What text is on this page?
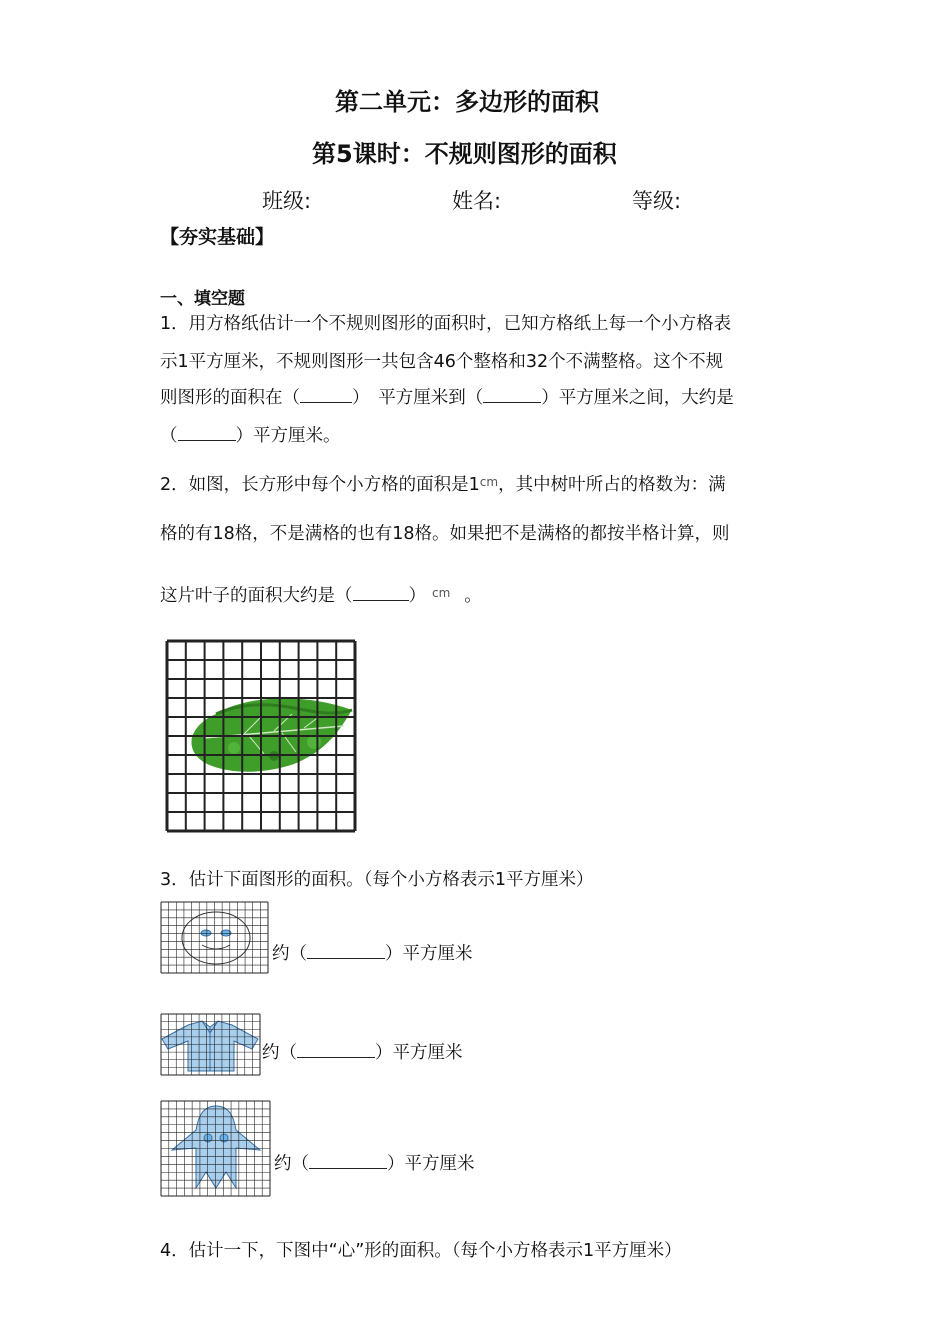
第二单元：多边形的面积
第5课时：不规则图形的面积
班级:	姓名:	等级:
【夯实基础】
一、填空题
1．用方格纸估计一个不规则图形的面积时，已知方格纸上每一个小方格表
示1平方厘米，不规则图形一共包含46个整格和32个不满整格。这个不规
则图形的面积在（	）　平方厘米到（	）平方厘米之间，大约是
（	）平方厘米。
2．如图，长方形中每个小方格的面积是$1^{cm}$，其中树叶所占的格数为：满
格的有18格，不是满格的也有18格。如果把不是满格的都按半格计算，则
这片叶子的面积大约是（	） $^{cm}$ 。
3．估计下面图形的面积。（每个小方格表示1平方厘米）
约（	）平方厘米
约（	）平方厘米
约（	）平方厘米
4．估计一下，下图中“心”形的面积。（每个小方格表示1平方厘米）
